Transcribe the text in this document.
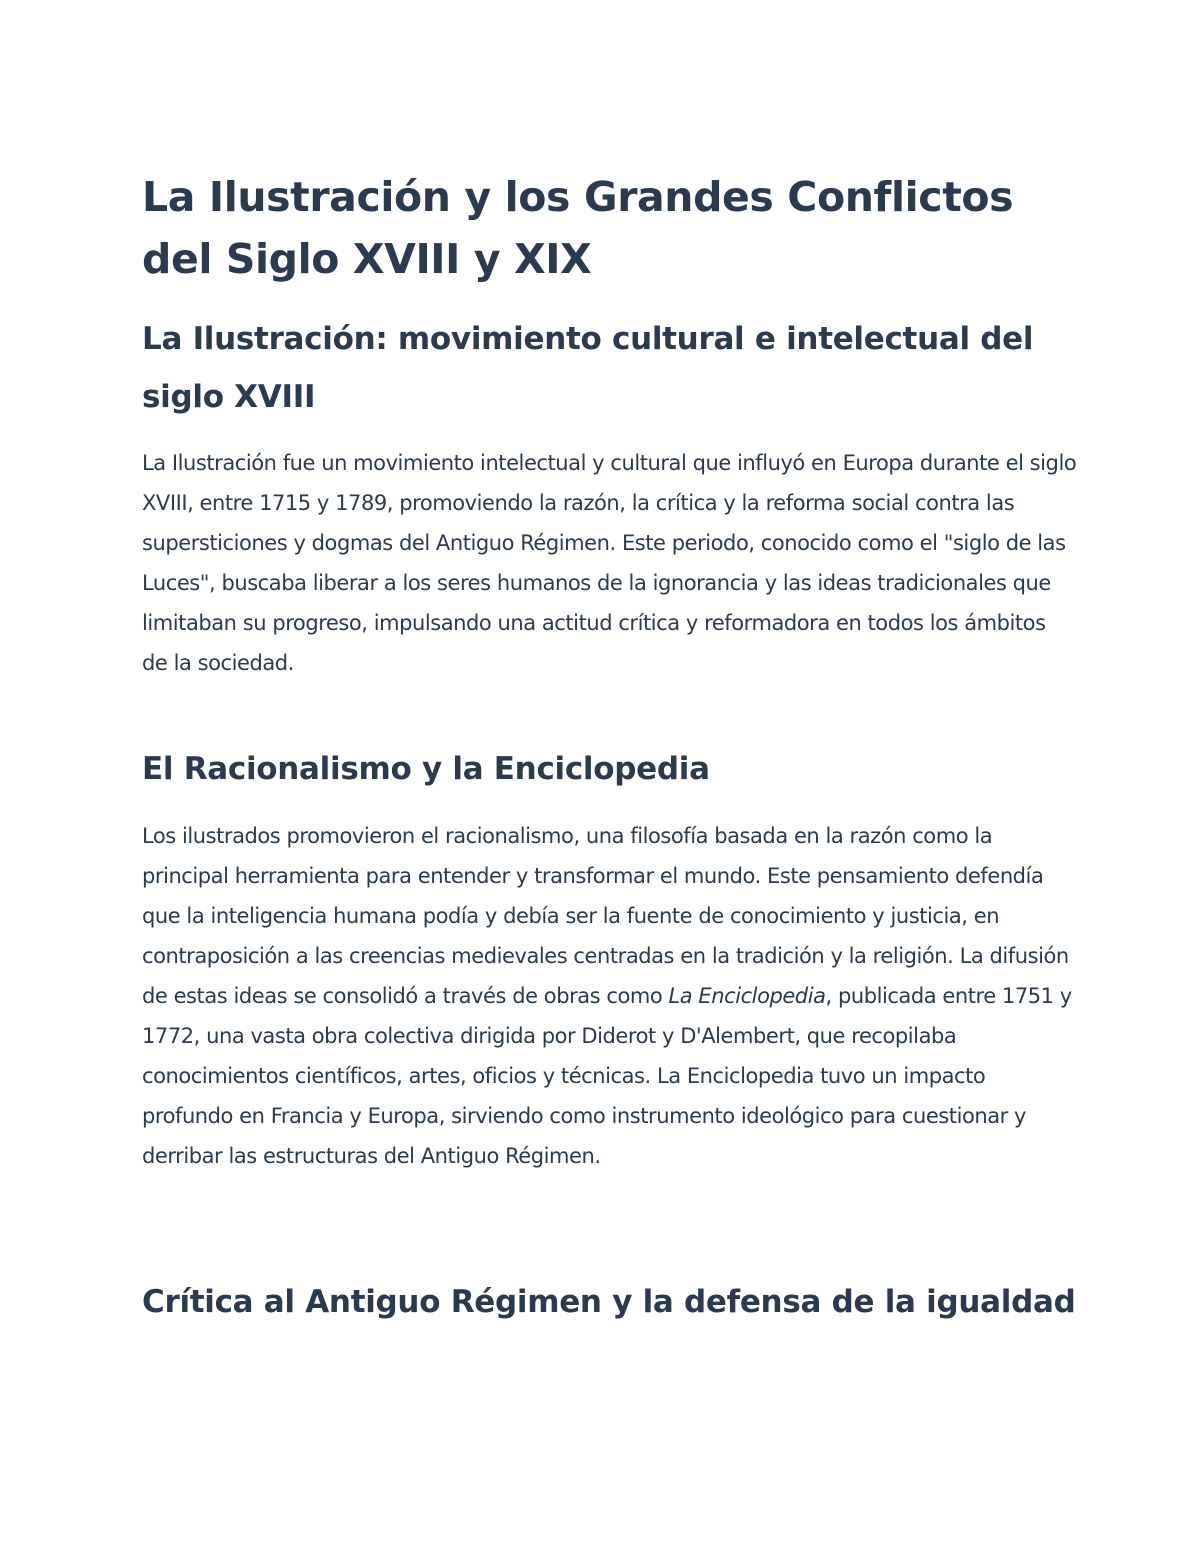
La Ilustración y los Grandes Conflictos del Siglo XVIII y XIX
La Ilustración: movimiento cultural e intelectual del siglo XVIII

La Ilustración fue un movimiento intelectual y cultural que influyó en Europa durante el siglo XVIII, entre 1715 y 1789, promoviendo la razón, la crítica y la reforma social contra las supersticiones y dogmas del Antiguo Régimen. Este periodo, conocido como el "siglo de las Luces", buscaba liberar a los seres humanos de la ignorancia y las ideas tradicionales que limitaban su progreso, impulsando una actitud crítica y reformadora en todos los ámbitos de la sociedad.

El Racionalismo y la Enciclopedia

Los ilustrados promovieron el racionalismo, una filosofía basada en la razón como la principal herramienta para entender y transformar el mundo. Este pensamiento defendía que la inteligencia humana podía y debía ser la fuente de conocimiento y justicia, en contraposición a las creencias medievales centradas en la tradición y la religión. La difusión de estas ideas se consolidó a través de obras como La Enciclopedia, publicada entre 1751 y 1772, una vasta obra colectiva dirigida por Diderot y D'Alembert, que recopilaba conocimientos científicos, artes, oficios y técnicas. La Enciclopedia tuvo un impacto profundo en Francia y Europa, sirviendo como instrumento ideológico para cuestionar y derribar las estructuras del Antiguo Régimen.

Crítica al Antiguo Régimen y la defensa de la igualdad
